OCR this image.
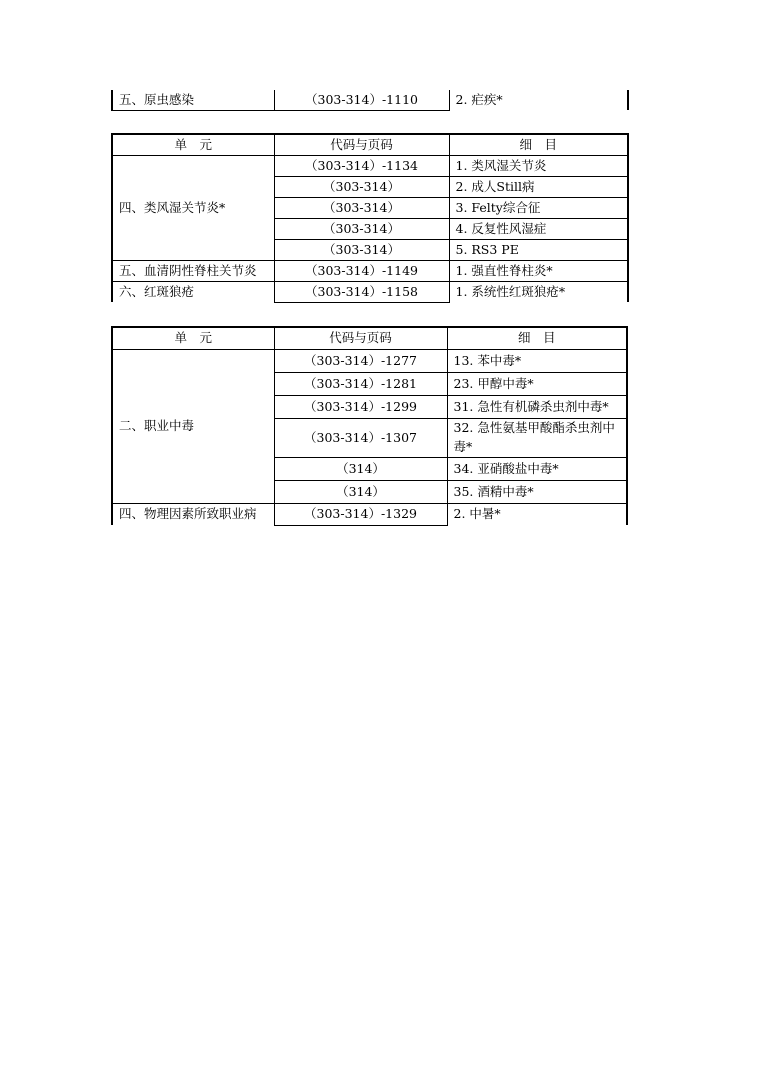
五、原虫感染	（303-314）-1110	2. 疟疾*
单　元	代码与页码	细　目
四、类风湿关节炎*	（303-314）-1134	1. 类风湿关节炎
	（303-314）	2. 成人Still病
	（303-314）	3. Felty综合征
	（303-314）	4. 反复性风湿症
	（303-314）	5. RS3 PE
五、血清阴性脊柱关节炎	（303-314）-1149	1. 强直性脊柱炎*
六、红斑狼疮	（303-314）-1158	1. 系统性红斑狼疮*
单　元	代码与页码	细　目
二、职业中毒	（303-314）-1277	13. 苯中毒*
	（303-314）-1281	23. 甲醇中毒*
	（303-314）-1299	31. 急性有机磷杀虫剂中毒*
	（303-314）-1307	32. 急性氨基甲酸酯杀虫剂中毒*
	（314）	34. 亚硝酸盐中毒*
	（314）	35. 酒精中毒*
四、物理因素所致职业病	（303-314）-1329	2. 中暑*
